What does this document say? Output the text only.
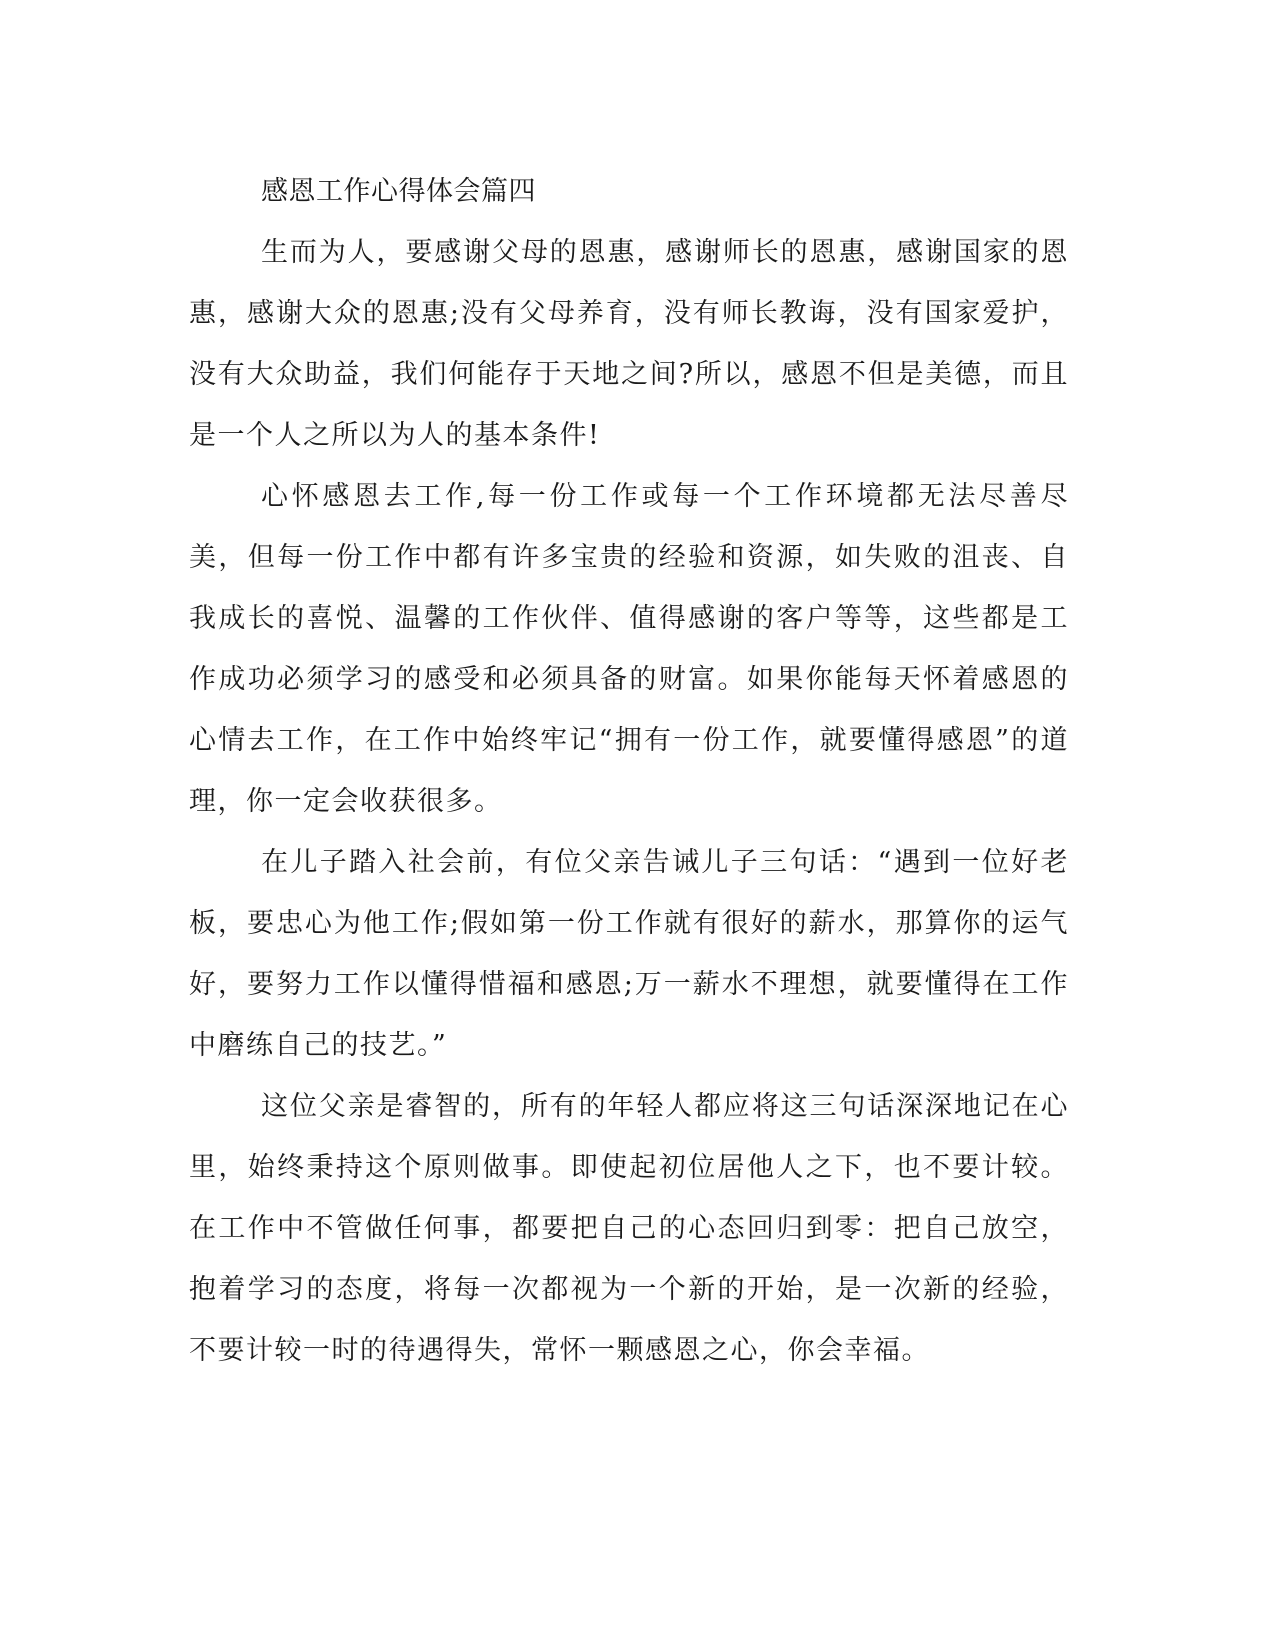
感恩工作心得体会篇四

生而为人，要感谢父母的恩惠，感谢师长的恩惠，感谢国家的恩惠，感谢大众的恩惠;没有父母养育，没有师长教诲，没有国家爱护，没有大众助益，我们何能存于天地之间?所以，感恩不但是美德，而且是一个人之所以为人的基本条件!

心怀感恩去工作,每一份工作或每一个工作环境都无法尽善尽美，但每一份工作中都有许多宝贵的经验和资源，如失败的沮丧、自我成长的喜悦、温馨的工作伙伴、值得感谢的客户等等，这些都是工作成功必须学习的感受和必须具备的财富。如果你能每天怀着感恩的心情去工作，在工作中始终牢记“拥有一份工作，就要懂得感恩”的道理，你一定会收获很多。

在儿子踏入社会前，有位父亲告诫儿子三句话：“遇到一位好老板，要忠心为他工作;假如第一份工作就有很好的薪水，那算你的运气好，要努力工作以懂得惜福和感恩;万一薪水不理想，就要懂得在工作中磨练自己的技艺。”

这位父亲是睿智的，所有的年轻人都应将这三句话深深地记在心里，始终秉持这个原则做事。即使起初位居他人之下，也不要计较。在工作中不管做任何事，都要把自己的心态回归到零：把自己放空，抱着学习的态度，将每一次都视为一个新的开始，是一次新的经验，不要计较一时的待遇得失，常怀一颗感恩之心，你会幸福。
